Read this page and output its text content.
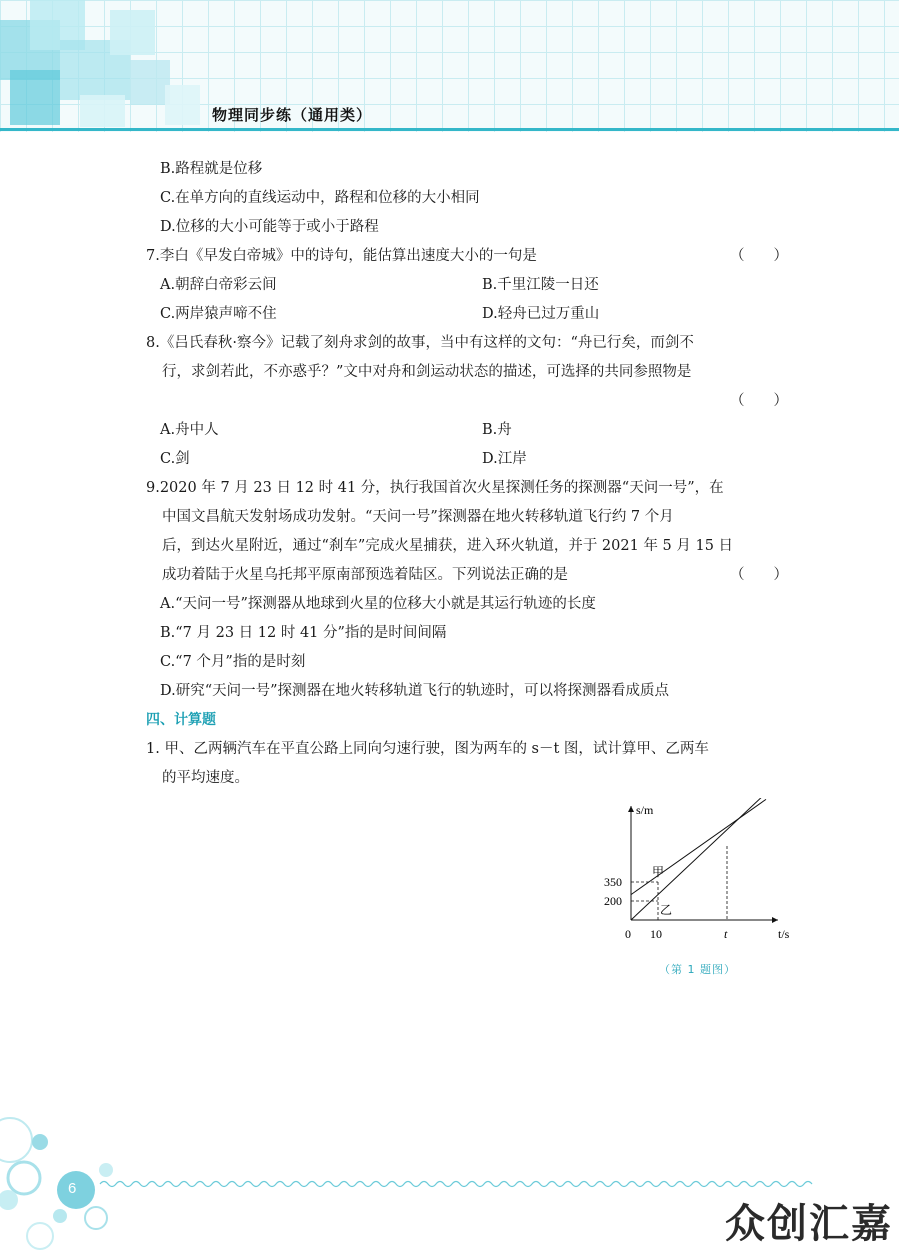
物理同步练（通用类）
B.路程就是位移
C.在单方向的直线运动中，路程和位移的大小相同
D.位移的大小可能等于或小于路程
7.李白《早发白帝城》中的诗句，能估算出速度大小的一句是	（　　）
A.朝辞白帝彩云间	B.千里江陵一日还
C.两岸猿声啼不住	D.轻舟已过万重山
8.《吕氏春秋·察今》记载了刻舟求剑的故事，当中有这样的文句：“舟已行矣，而剑不
行，求剑若此，不亦惑乎？”文中对舟和剑运动状态的描述，可选择的共同参照物是
（　　）
A.舟中人	B.舟
C.剑	D.江岸
9.2020 年 7 月 23 日 12 时 41 分，执行我国首次火星探测任务的探测器“天问一号”，在
中国文昌航天发射场成功发射。“天问一号”探测器在地火转移轨道飞行约 7 个月
后，到达火星附近，通过“刹车”完成火星捕获，进入环火轨道，并于 2021 年 5 月 15 日
成功着陆于火星乌托邦平原南部预选着陆区。下列说法正确的是	（　　）
A.“天问一号”探测器从地球到火星的位移大小就是其运行轨迹的长度
B.“7 月 23 日 12 时 41 分”指的是时间间隔
C.“7 个月”指的是时刻
D.研究“天问一号”探测器在地火转移轨道飞行的轨迹时，可以将探测器看成质点
四、计算题
1. 甲、乙两辆汽车在平直公路上同向匀速行驶，图为两车的 s－t 图，试计算甲、乙两车
的平均速度。
s/m
t/s
0 10	t
200
350
甲
乙
（第 1 题图）
6
众创汇嘉
